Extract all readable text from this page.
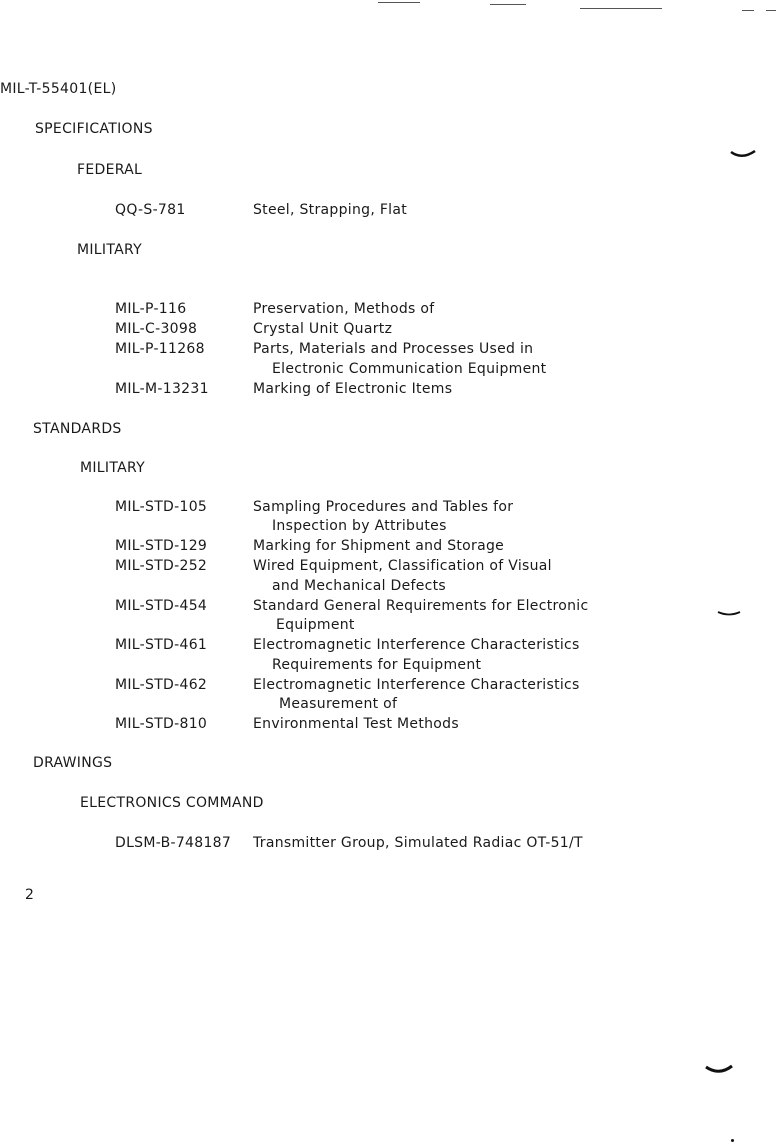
MIL-T-55401(EL)
SPECIFICATIONS
FEDERAL
QQ-S-781	Steel, Strapping, Flat
MILITARY
MIL-P-116	Preservation, Methods of
MIL-C-3098	Crystal Unit Quartz
MIL-P-11268	Parts, Materials and Processes Used in
Electronic Communication Equipment
MIL-M-13231	Marking of Electronic Items
STANDARDS
MILITARY
MIL-STD-105	Sampling Procedures and Tables for
Inspection by Attributes
MIL-STD-129	Marking for Shipment and Storage
MIL-STD-252	Wired Equipment, Classification of Visual
and Mechanical Defects
MIL-STD-454	Standard General Requirements for Electronic
Equipment
MIL-STD-461	Electromagnetic Interference Characteristics
Requirements for Equipment
MIL-STD-462	Electromagnetic Interference Characteristics
Measurement of
MIL-STD-810	Environmental Test Methods
DRAWINGS
ELECTRONICS COMMAND
DLSM-B-748187 Transmitter Group, Simulated Radiac OT-51/T
2
